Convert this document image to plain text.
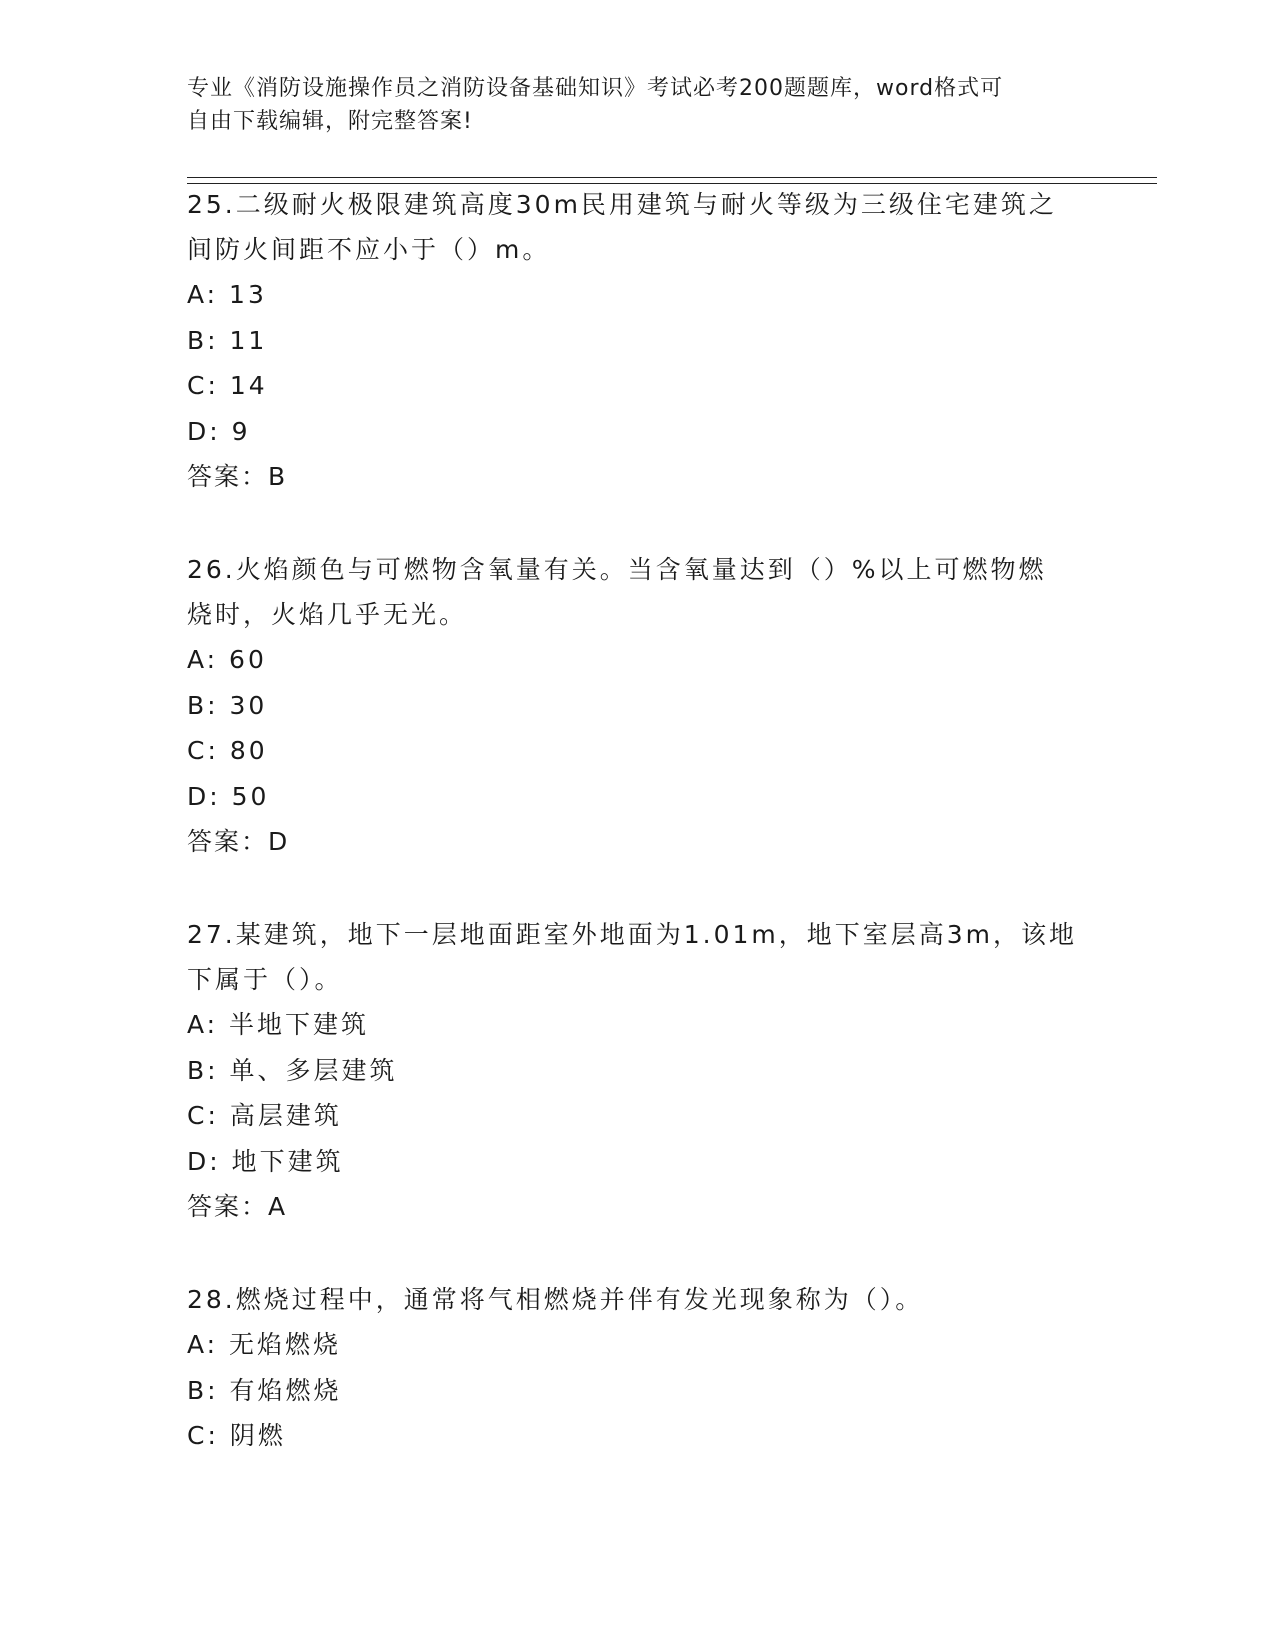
专业《消防设施操作员之消防设备基础知识》考试必考200题题库，word格式可
自由下载编辑，附完整答案!
25.二级耐火极限建筑高度30m民用建筑与耐火等级为三级住宅建筑之
间防火间距不应小于（）m。
A: 13
B: 11
C: 14
D: 9
答案：B
26.火焰颜色与可燃物含氧量有关。当含氧量达到（）%以上可燃物燃
烧时，火焰几乎无光。
A: 60
B: 30
C: 80
D: 50
答案：D
27.某建筑，地下一层地面距室外地面为1.01m，地下室层高3m，该地
下属于（）。
A: 半地下建筑
B: 单、多层建筑
C: 高层建筑
D: 地下建筑
答案：A
28.燃烧过程中，通常将气相燃烧并伴有发光现象称为（）。
A: 无焰燃烧
B: 有焰燃烧
C: 阴燃
